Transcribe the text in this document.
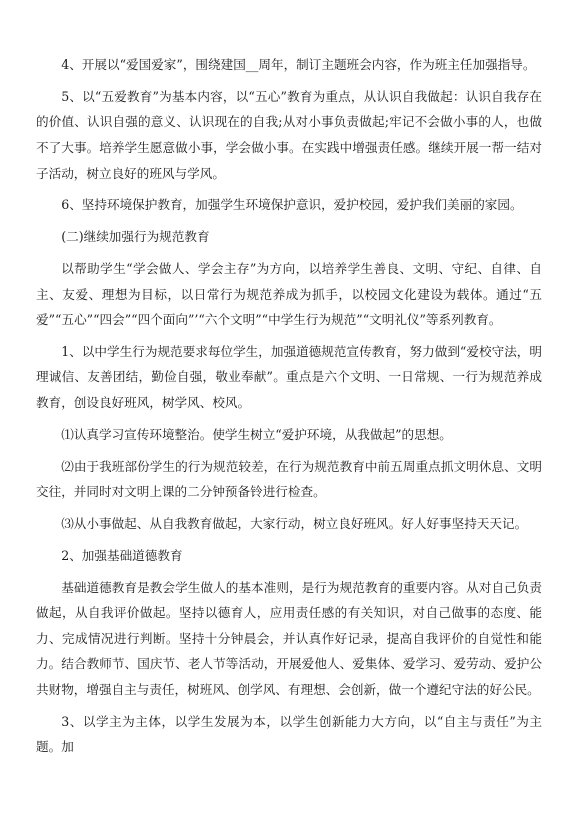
4、开展以“爱国爱家”，围绕建国__周年，制订主题班会内容，作为班主任加强指导。

5、以“五爱教育”为基本内容，以“五心”教育为重点，从认识自我做起：认识自我存在的价值、认识自强的意义、认识现在的自我;从对小事负责做起;牢记不会做小事的人，也做不了大事。培养学生愿意做小事，学会做小事。在实践中增强责任感。继续开展一帮一结对子活动，树立良好的班风与学风。

6、坚持环境保护教育，加强学生环境保护意识，爱护校园，爱护我们美丽的家园。

(二)继续加强行为规范教育

以帮助学生“学会做人、学会主存”为方向，以培养学生善良、文明、守纪、自律、自主、友爱、理想为目标，以日常行为规范养成为抓手，以校园文化建设为载体。通过“五爱”“五心”“四会”“四个面向”’“六个文明”“中学生行为规范”“文明礼仪”等系列教育。

1、以中学生行为规范要求每位学生，加强道德规范宣传教育，努力做到“爱校守法，明理诚信、友善团结，勤俭自强，敬业奉献”。重点是六个文明、一日常规、一行为规范养成教育，创设良好班风，树学风、校风。

⑴认真学习宣传环境整治。使学生树立“爱护环境，从我做起”的思想。

⑵由于我班部份学生的行为规范较差，在行为规范教育中前五周重点抓文明休息、文明交往，并同时对文明上课的二分钟预备铃进行检查。

⑶从小事做起、从自我教育做起，大家行动，树立良好班风。好人好事坚持天天记。

2、加强基础道德教育

基础道德教育是教会学生做人的基本准则，是行为规范教育的重要内容。从对自己负责做起，从自我评价做起。坚持以德育人，应用责任感的有关知识，对自己做事的态度、能力、完成情况进行判断。坚持十分钟晨会，并认真作好记录，提高自我评价的自觉性和能力。结合教师节、国庆节、老人节等活动，开展爱他人、爱集体、爱学习、爱劳动、爱护公共财物，增强自主与责任，树班风、创学风、有理想、会创新，做一个遵纪守法的好公民。

3、以学主为主体，以学生发展为本，以学生创新能力大方向，以“自主与责任”为主题。加
